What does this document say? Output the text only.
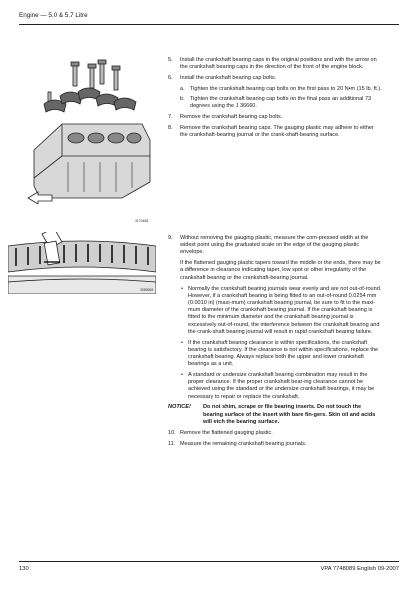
Engine — 5.0 & 5.7 Litre
3170458
3089658
5. Install the crankshaft bearing caps in the original positions and with the arrow on the crankshaft bearing caps in the direction of the front of the engine block.
6. Install the crankshaft bearing cap bolts.
a. Tighten the crankshaft bearing cap bolts on the first pass to 20 N•m (15 lb. ft.).
b. Tighten the crankshaft bearing cap bolts on the final pass an additional 73 degrees using the J 36660.
7. Remove the crankshaft bearing cap bolts.
8. Remove the crankshaft bearing caps. The gauging plastic may adhere to either the crankshaft-bearing journal or the crank-shaft-bearing surface.
9. Without removing the gauging plastic, measure the com-pressed width at the widest point using the graduated scale on the edge of the gauging plastic envelope.
If the flattened gauging plastic tapers toward the middle or the ends, there may be a difference in clearance indicating taper, low spot or other irregularity of the crankshaft bearing or the crankshaft-bearing journal.
• Normally the crankshaft bearing journals wear evenly and are not out-of-round. However, if a crankshaft bearing is being fitted to an out-of-round 0.0254 mm (0.0010 in) (maxi-mum) crankshaft bearing journal, be sure to fit to the maxi-mum diameter of the crankshaft bearing journal. If the crankshaft bearing is fitted to the minimum diameter and the crankshaft bearing journal is excessively out-of-round, the interference between the crankshaft bearing and the crank-shaft bearing journal will result in rapid crankshaft bearing failure.
• If the crankshaft bearing clearance is within specifications, the crankshaft bearing is satisfactory. If the clearance is not within specifications, replace the crankshaft bearing. Always replace both the upper and lower crankshaft bearings as a unit.
• A standard or undersize crankshaft bearing combination may result in the proper clearance. If the proper crankshaft bear-ing clearance cannot be achieved using the standard or the undersize crankshaft bearings, it may be necessary to repair or replace the crankshaft.
NOTICE! Do not shim, scrape or file bearing inserts. Do not touch the bearing surface of the insert with bare fin-gers. Skin oil and acids will etch the bearing surface.
10. Remove the flattened gauging plastic.
11. Measure the remaining crankshaft bearing journals.
130	VPA 7748089 English 09-2007
